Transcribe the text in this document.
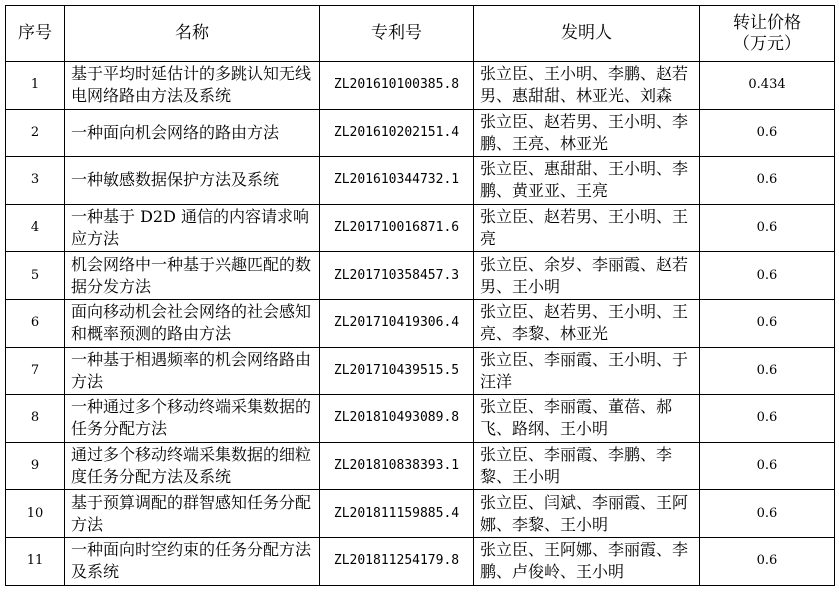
序号	名称	专利号	发明人	转让价格
（万元）

1	基于平均时延估计的多跳认知无线电网络路由方法及系统	ZL201610100385.8	张立臣、王小明、李鹏、赵若男、惠甜甜、林亚光、刘森	0.434
2	一种面向机会网络的路由方法	ZL201610202151.4	张立臣、赵若男、王小明、李鹏、王亮、林亚光	0.6
3	一种敏感数据保护方法及系统	ZL201610344732.1	张立臣、惠甜甜、王小明、李鹏、黄亚亚、王亮	0.6
4	一种基于 D2D 通信的内容请求响应方法	ZL201710016871.6	张立臣、赵若男、王小明、王亮	0.6
5	机会网络中一种基于兴趣匹配的数据分发方法	ZL201710358457.3	张立臣、余岁、李丽霞、赵若男、王小明	0.6
6	面向移动机会社会网络的社会感知和概率预测的路由方法	ZL201710419306.4	张立臣、赵若男、王小明、王亮、李黎、林亚光	0.6
7	一种基于相遇频率的机会网络路由方法	ZL201710439515.5	张立臣、李丽霞、王小明、于汪洋	0.6
8	一种通过多个移动终端采集数据的任务分配方法	ZL201810493089.8	张立臣、李丽霞、董蓓、郝飞、路纲、王小明	0.6
9	通过多个移动终端采集数据的细粒度任务分配方法及系统	ZL201810838393.1	张立臣、李丽霞、李鹏、李黎、王小明	0.6
10	基于预算调配的群智感知任务分配方法	ZL201811159885.4	张立臣、闫斌、李丽霞、王阿娜、李黎、王小明	0.6
11	一种面向时空约束的任务分配方法及系统	ZL201811254179.8	张立臣、王阿娜、李丽霞、李鹏、卢俊岭、王小明	0.6
